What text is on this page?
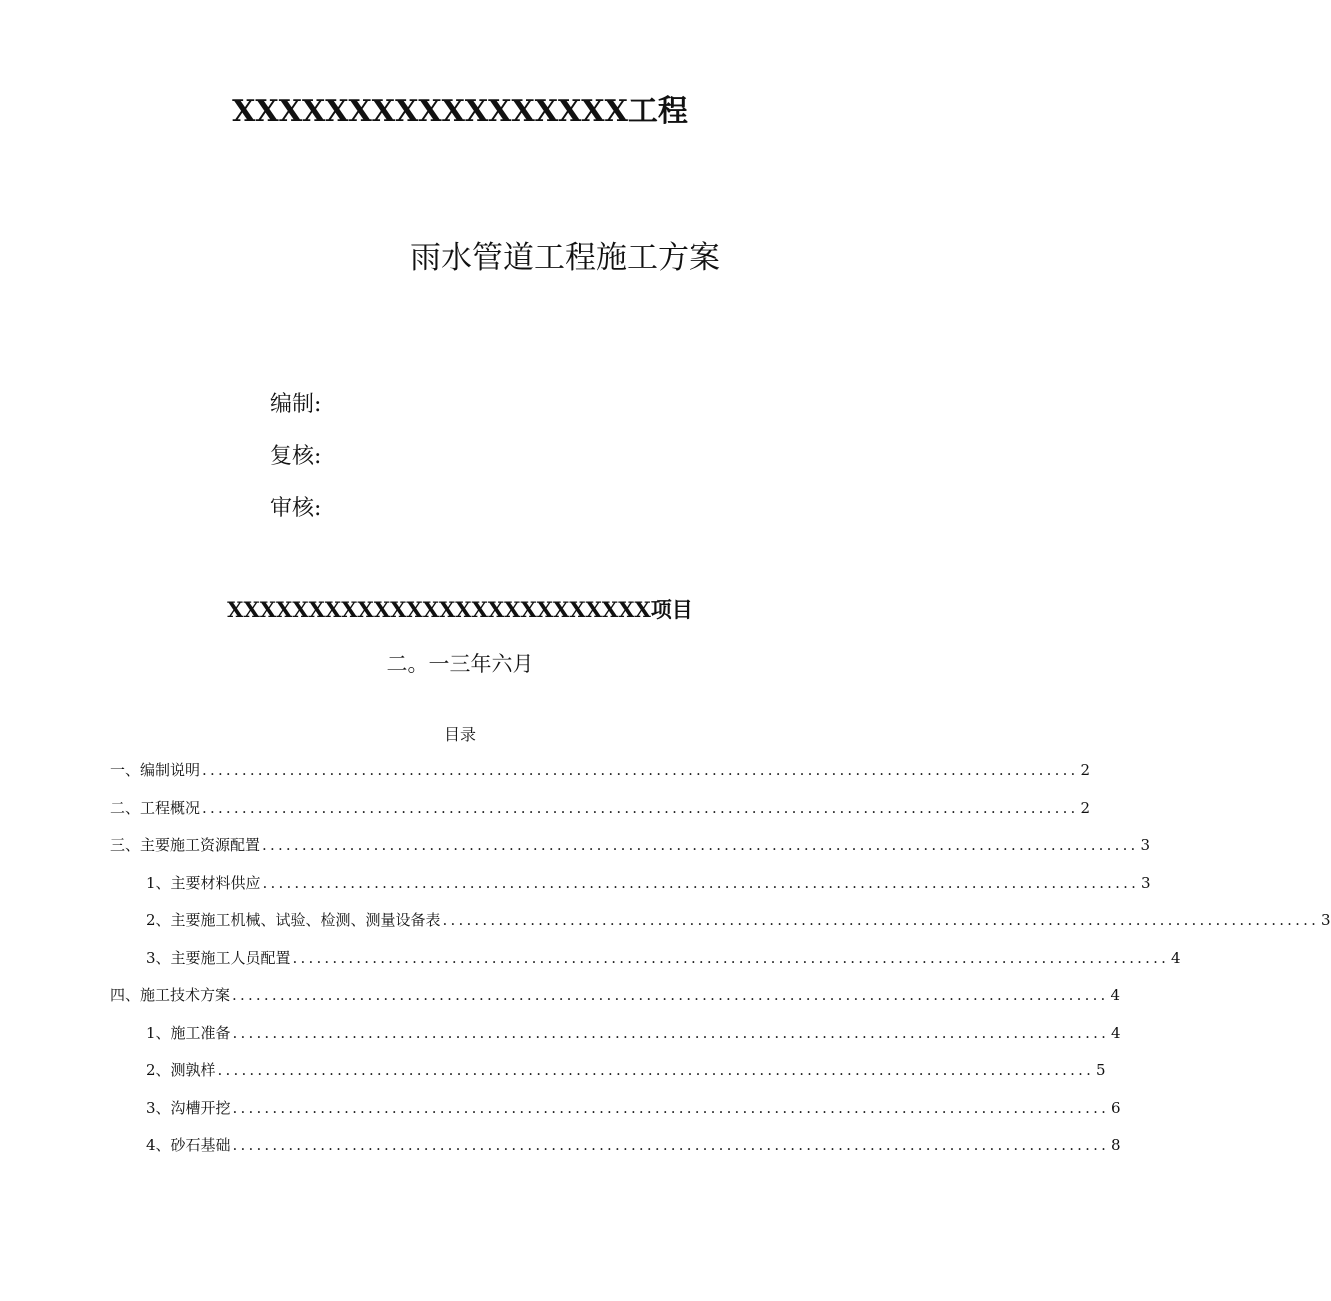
XXXXXXXXXXXXXXXXX工程
雨水管道工程施工方案
编制:
复核:
审核:
XXXXXXXXXXXXXXXXXXXXXXXXXX项目
二。一三年六月
目录
一、编制说明 .............................................................................................................. 2
二、工程概况 .............................................................................................................. 2
三、主要施工资源配置 .............................................................................................................. 3
1、主要材料供应 .............................................................................................................. 3
2、主要施工机械、试验、检测、测量设备表 .............................................................................................................. 3
3、主要施工人员配置 .............................................................................................................. 4
四、施工技术方案 .............................................................................................................. 4
1、施工准备 .............................................................................................................. 4
2、测孰样 .............................................................................................................. 5
3、沟槽开挖 .............................................................................................................. 6
4、砂石基础 .............................................................................................................. 8
